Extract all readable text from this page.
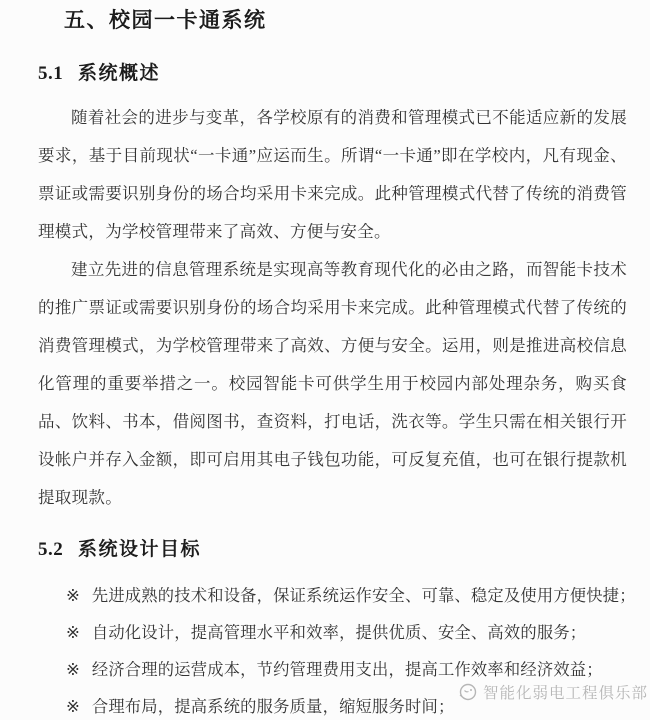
五、校园一卡通系统
5.1 系统概述

随着社会的进步与变革，各学校原有的消费和管理模式已不能适应新的发展要求，基于目前现状“一卡通”应运而生。所谓“一卡通”即在学校内，凡有现金、票证或需要识别身份的场合均采用卡来完成。此种管理模式代替了传统的消费管理模式，为学校管理带来了高效、方便与安全。

建立先进的信息管理系统是实现高等教育现代化的必由之路，而智能卡技术的推广票证或需要识别身份的场合均采用卡来完成。此种管理模式代替了传统的消费管理模式，为学校管理带来了高效、方便与安全。运用，则是推进高校信息化管理的重要举措之一。校园智能卡可供学生用于校园内部处理杂务，购买食品、饮料、书本，借阅图书，查资料，打电话，洗衣等。学生只需在相关银行开设帐户并存入金额，即可启用其电子钱包功能，可反复充值，也可在银行提款机提取现款。

5.2 系统设计目标
※ 先进成熟的技术和设备，保证系统运作安全、可靠、稳定及使用方便快捷；
※ 自动化设计，提高管理水平和效率，提供优质、安全、高效的服务；
※ 经济合理的运营成本，节约管理费用支出，提高工作效率和经济效益；
※ 合理布局，提高系统的服务质量，缩短服务时间；
智能化弱电工程俱乐部
